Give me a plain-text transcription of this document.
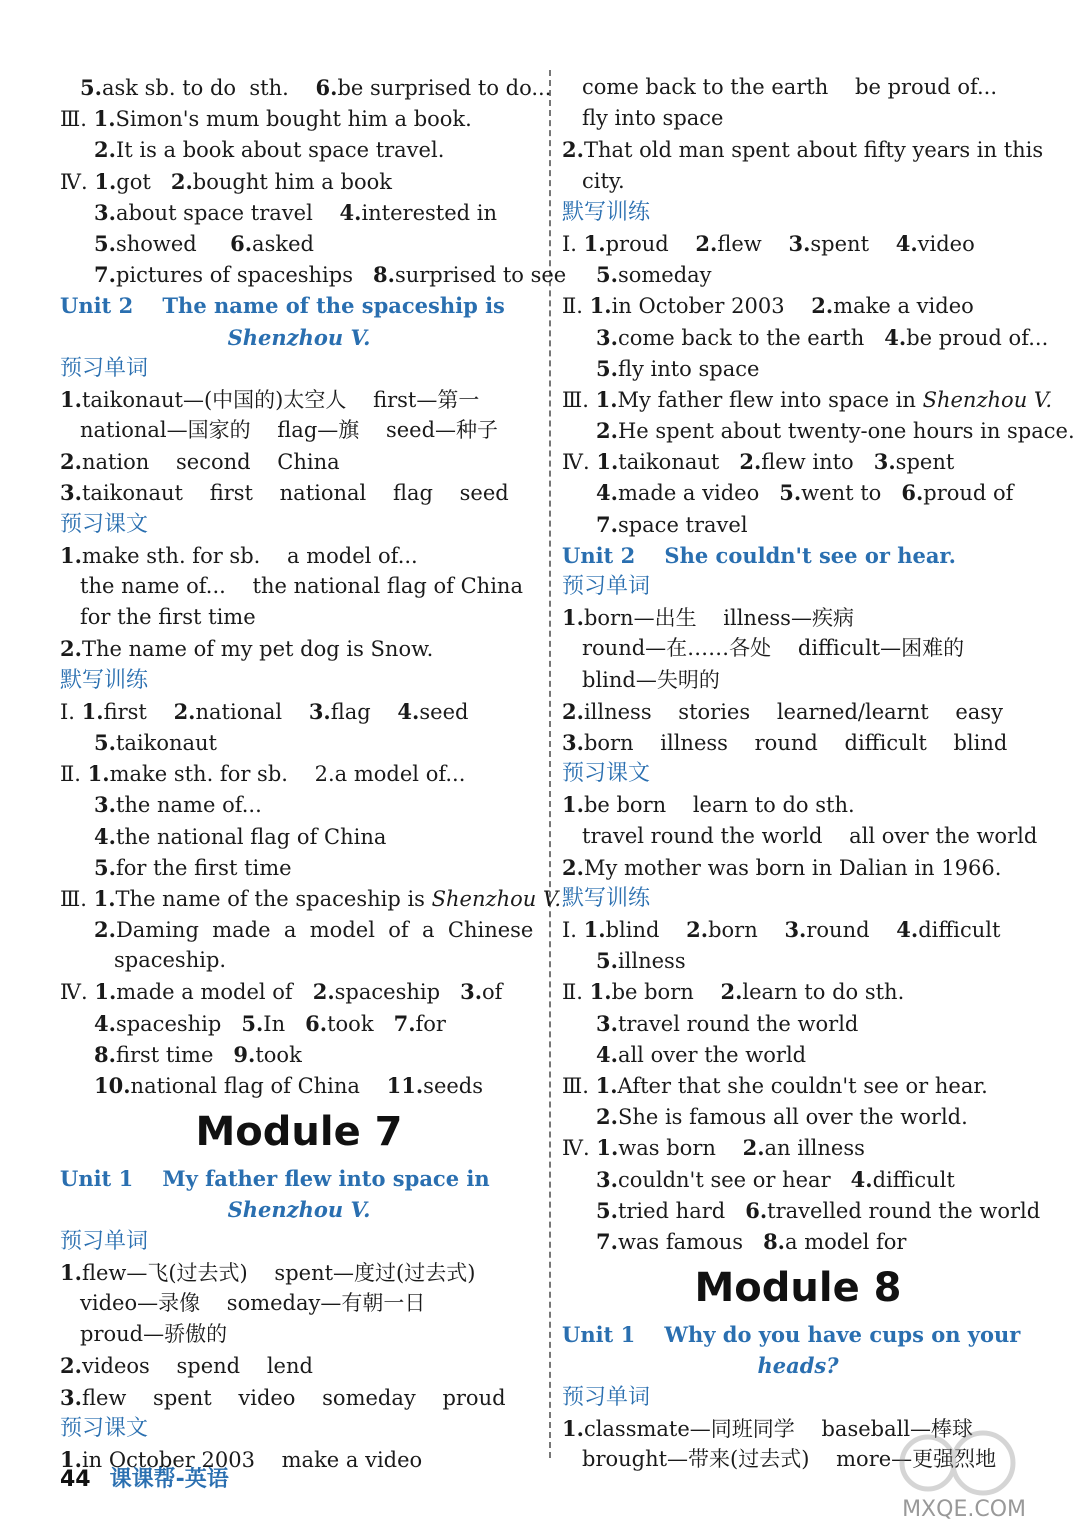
5.ask sb. to do  sth.    6.be surprised to do...
Ⅲ. 1.Simon's mum bought him a book.
2.It is a book about space travel.
Ⅳ. 1.got   2.bought him a book
3.about space travel    4.interested in
5.showed     6.asked
7.pictures of spaceships   8.surprised to see
Unit 2    The name of the spaceship is
Shenzhou V.
预习单词
1.taikonaut—(中国的)太空人    first—第一
national—国家的    flag—旗    seed—种子
2.nation    second    China
3.taikonaut    first    national    flag    seed
预习课文
1.make sth. for sb.    a model of...
the name of...    the national flag of China
for the first time
2.The name of my pet dog is Snow.
默写训练
Ⅰ. 1.first    2.national    3.flag    4.seed
5.taikonaut
Ⅱ. 1.make sth. for sb.    2.a model of...
3.the name of...
4.the national flag of China
5.for the first time
Ⅲ. 1.The name of the spaceship is Shenzhou V.
2.Daming  made  a  model  of  a  Chinese
spaceship.
Ⅳ. 1.made a model of   2.spaceship   3.of
4.spaceship   5.In   6.took   7.for
8.first time   9.took
10.national flag of China    11.seeds
Module 7
Unit 1    My father flew into space in
Shenzhou V.
预习单词
1.flew—飞(过去式)    spent—度过(过去式)
video—录像    someday—有朝一日
proud—骄傲的
2.videos    spend    lend
3.flew    spent    video    someday    proud
预习课文
1.in October 2003    make a video
come back to the earth    be proud of...
fly into space
2.That old man spent about fifty years in this
city.
默写训练
Ⅰ. 1.proud    2.flew    3.spent    4.video
5.someday
Ⅱ. 1.in October 2003    2.make a video
3.come back to the earth   4.be proud of...
5.fly into space
Ⅲ. 1.My father flew into space in Shenzhou V.
2.He spent about twenty-one hours in space.
Ⅳ. 1.taikonaut   2.flew into   3.spent
4.made a video   5.went to   6.proud of
7.space travel
Unit 2    She couldn't see or hear.
预习单词
1.born—出生    illness—疾病
round—在……各处    difficult—困难的
blind—失明的
2.illness    stories    learned/learnt    easy
3.born    illness    round    difficult    blind
预习课文
1.be born    learn to do sth.
travel round the world    all over the world
2.My mother was born in Dalian in 1966.
默写训练
Ⅰ. 1.blind    2.born    3.round    4.difficult
5.illness
Ⅱ. 1.be born    2.learn to do sth.
3.travel round the world
4.all over the world
Ⅲ. 1.After that she couldn't see or hear.
2.She is famous all over the world.
Ⅳ. 1.was born    2.an illness
3.couldn't see or hear   4.difficult
5.tried hard   6.travelled round the world
7.was famous   8.a model for
Module 8
Unit 1    Why do you have cups on your
heads?
预习单词
1.classmate—同班同学    baseball—棒球
brought—带来(过去式)    more—更强烈地
44 课课帮-英语
MXQE.COM
